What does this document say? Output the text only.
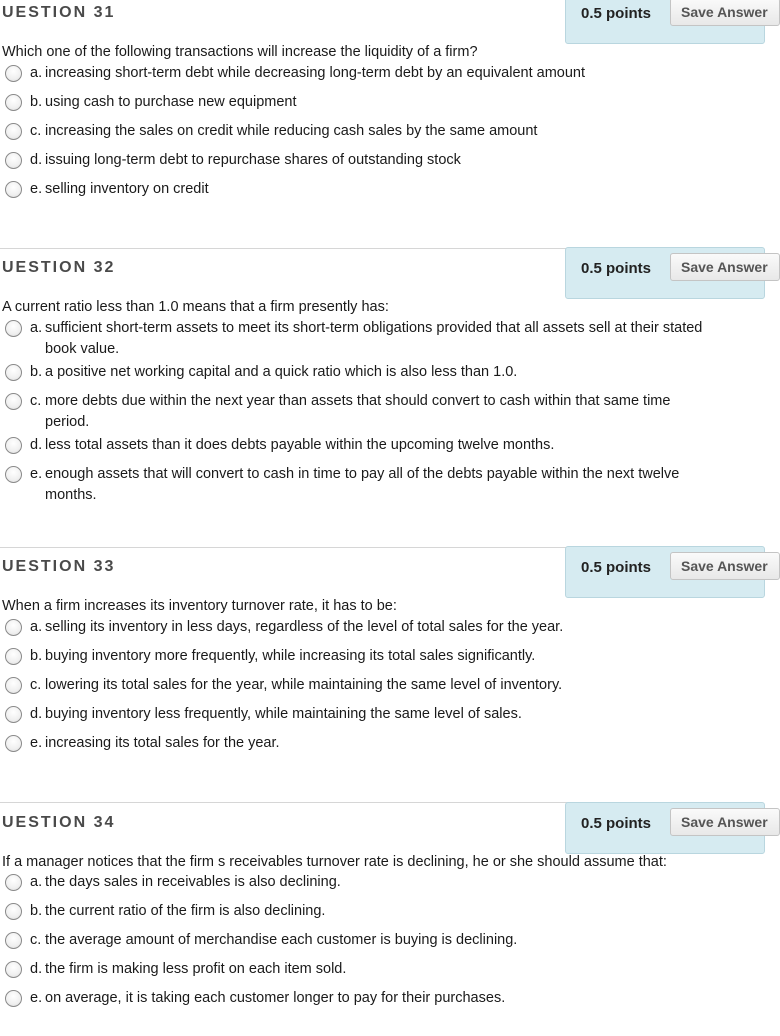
UESTION 31	0.5 points	Save Answer
Which one of the following transactions will increase the liquidity of a firm?
a. increasing short-term debt while decreasing long-term debt by an equivalent amount
b. using cash to purchase new equipment
c. increasing the sales on credit while reducing cash sales by the same amount
d. issuing long-term debt to repurchase shares of outstanding stock
e. selling inventory on credit
UESTION 32	0.5 points	Save Answer
A current ratio less than 1.0 means that a firm presently has:
a. sufficient short-term assets to meet its short-term obligations provided that all assets sell at their stated
book value.
b. a positive net working capital and a quick ratio which is also less than 1.0.
c. more debts due within the next year than assets that should convert to cash within that same time
period.
d. less total assets than it does debts payable within the upcoming twelve months.
e. enough assets that will convert to cash in time to pay all of the debts payable within the next twelve
months.
UESTION 33	0.5 points	Save Answer
When a firm increases its inventory turnover rate, it has to be:
a. selling its inventory in less days, regardless of the level of total sales for the year.
b. buying inventory more frequently, while increasing its total sales significantly.
c. lowering its total sales for the year, while maintaining the same level of inventory.
d. buying inventory less frequently, while maintaining the same level of sales.
e. increasing its total sales for the year.
UESTION 34	0.5 points	Save Answer
If a manager notices that the firm s receivables turnover rate is declining, he or she should assume that:
a. the days sales in receivables is also declining.
b. the current ratio of the firm is also declining.
c. the average amount of merchandise each customer is buying is declining.
d. the firm is making less profit on each item sold.
e. on average, it is taking each customer longer to pay for their purchases.
